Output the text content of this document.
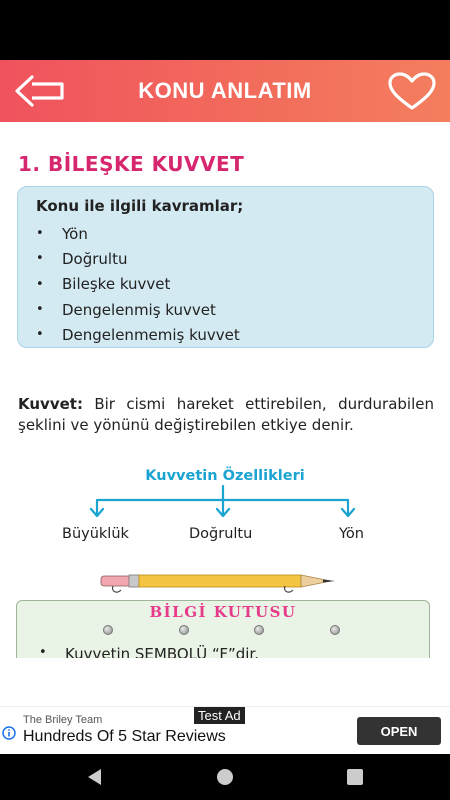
KONU ANLATIM
1. BİLEŞKE KUVVET
Konu ile ilgili kavramlar;
•	Yön
•	Doğrultu
•	Bileşke kuvvet
•	Dengelenmiş kuvvet
•	Dengelenmemiş kuvvet

Kuvvet: Bir cismi hareket ettirebilen, durdurabilen şeklini ve yönünü değiştirebilen etkiye denir.

Kuvvetin Özellikleri
Büyüklük	Doğrultu	Yön
BİLGİ KUTUSU
•	Kuvvetin SEMBOLÜ “F”dir.
Test Ad
The Briley Team
Hundreds Of 5 Star Reviews	OPEN
